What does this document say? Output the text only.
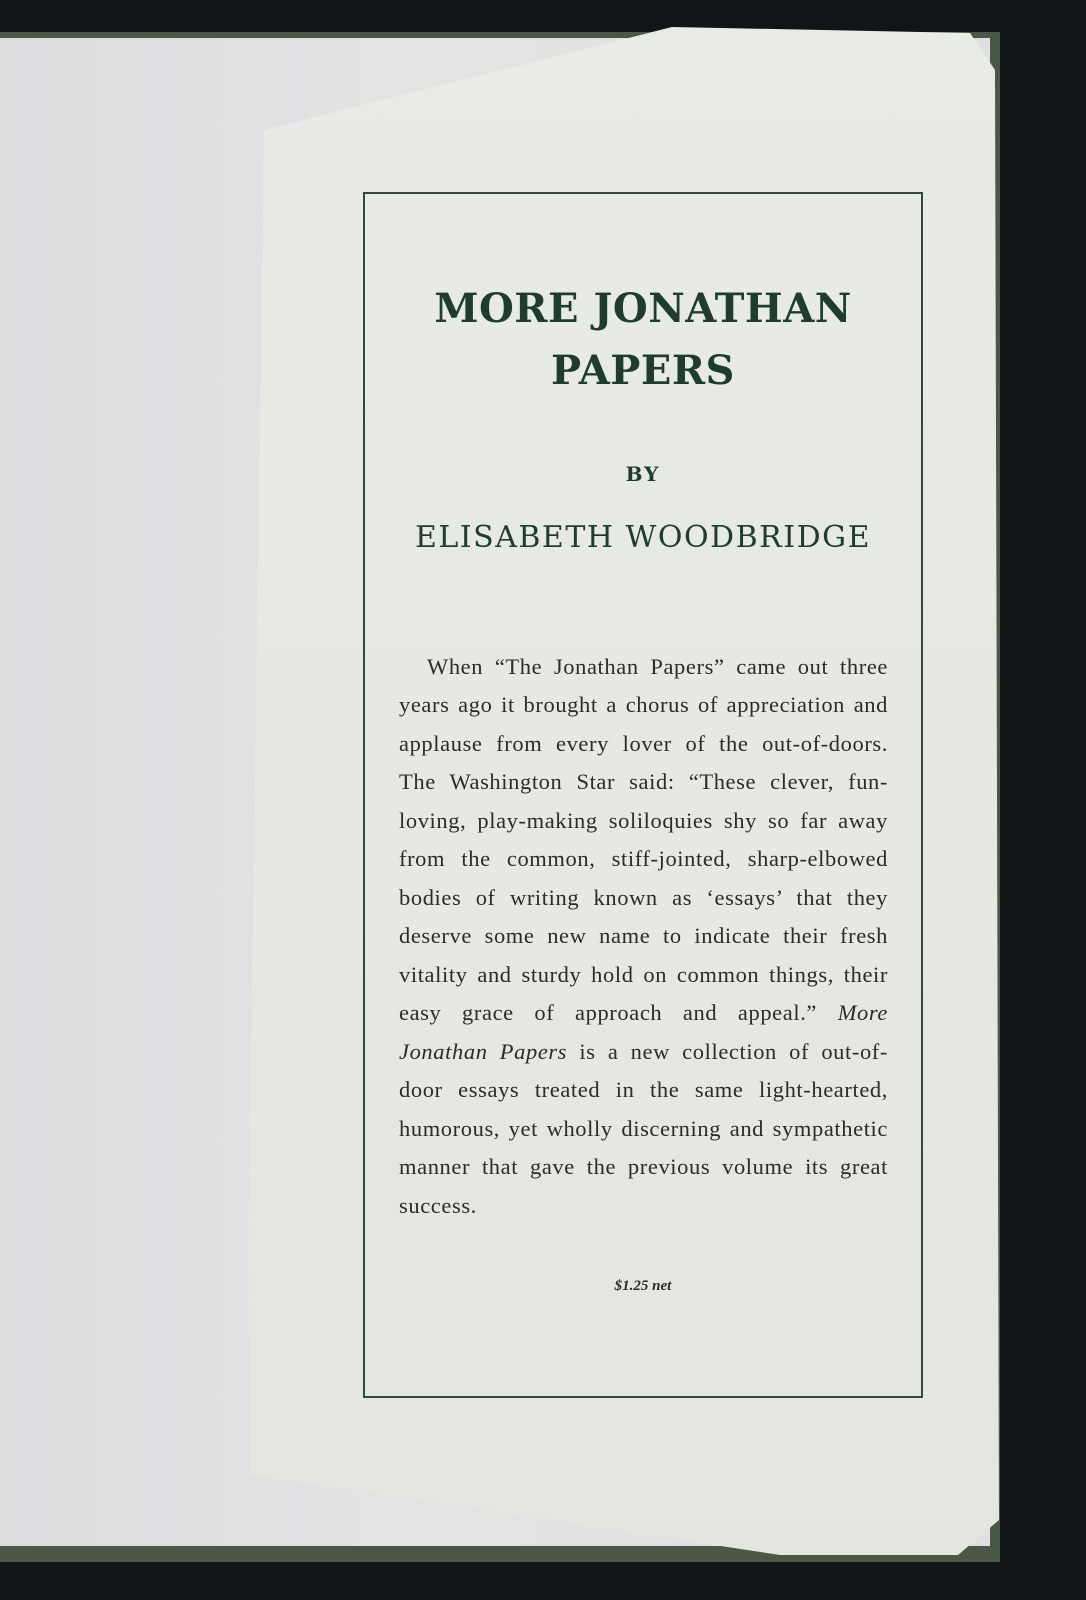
MORE JONATHAN
PAPERS
BY
ELISABETH WOODBRIDGE

When “The Jonathan Papers” came out three years ago it brought a chorus of appreciation and applause from every lover of the out-of-doors. The Washington Star said: “These clever, fun-loving, play-making soliloquies shy so far away from the common, stiff-jointed, sharp-elbowed bodies of writing known as ‘essays’ that they deserve some new name to indicate their fresh vitality and sturdy hold on common things, their easy grace of approach and appeal.” More Jonathan Papers is a new collection of out-of-door essays treated in the same light-hearted, humorous, yet wholly discerning and sympathetic manner that gave the previous volume its great success.

$1.25 net
